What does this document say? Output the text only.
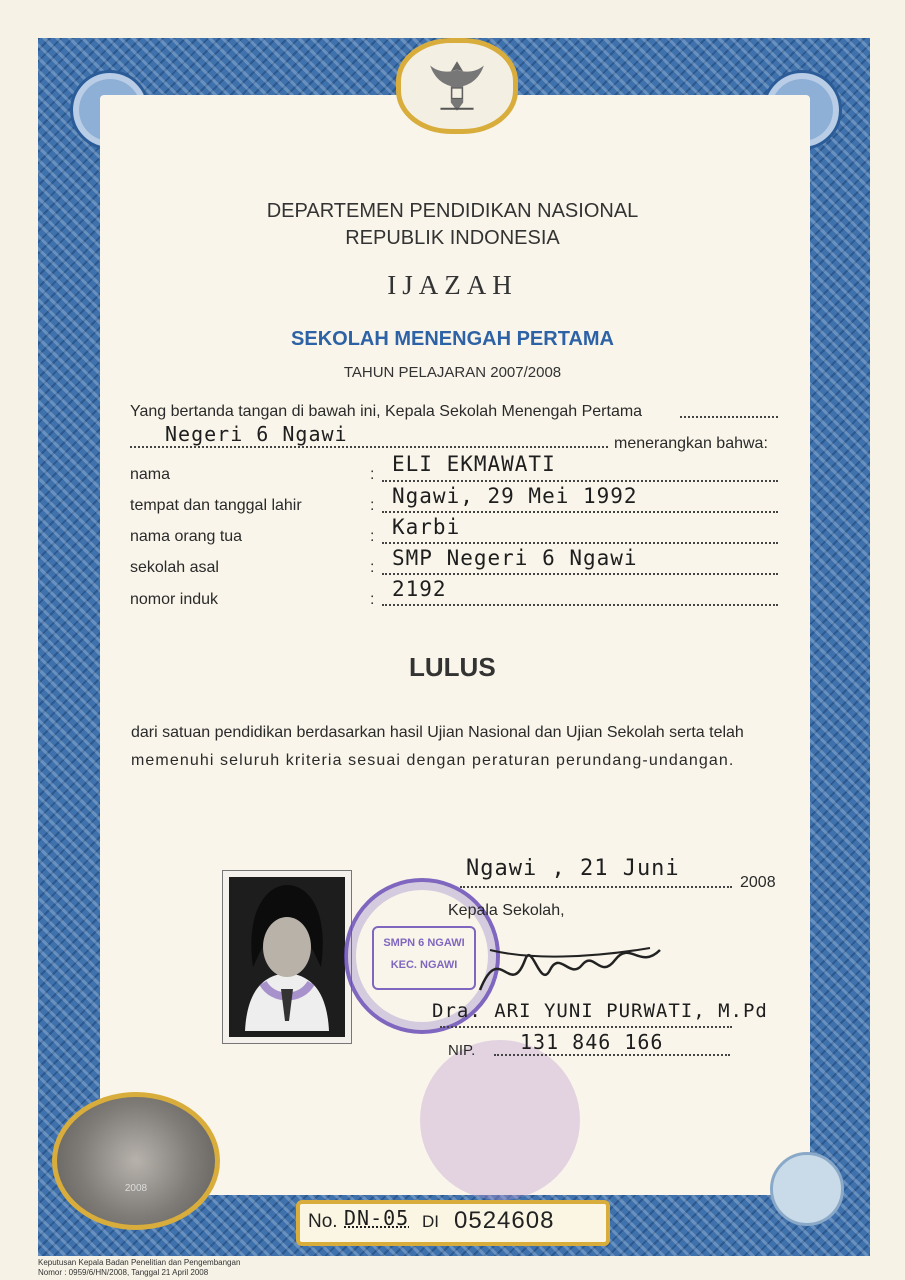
DEPARTEMEN PENDIDIKAN NASIONAL
REPUBLIK INDONESIA
IJAZAH
SEKOLAH MENENGAH PERTAMA
TAHUN PELAJARAN 2007/2008
Yang bertanda tangan di bawah ini, Kepala Sekolah Menengah Pertama
Negeri 6 Ngawi	menerangkan bahwa:
nama	: ELI EKMAWATI
tempat dan tanggal lahir	: Ngawi, 29 Mei 1992
nama orang tua	: Karbi
sekolah asal	: SMP Negeri 6 Ngawi
nomor induk	: 2192
LULUS
dari satuan pendidikan berdasarkan hasil Ujian Nasional dan Ujian Sekolah serta telah
memenuhi seluruh kriteria sesuai dengan peraturan perundang-undangan.
SMPN 6 NGAWI
KEC. NGAWI
Ngawi , 21 Juni
2008
Kepala Sekolah,
Dra. ARI YUNI PURWATI, M.Pd
NIP. 131 846 166
2008
No. DN-05 DI 0524608
Keputusan Kepala Badan Penelitian dan Pengembangan
Nomor : 0959/6/HN/2008, Tanggal 21 April 2008
